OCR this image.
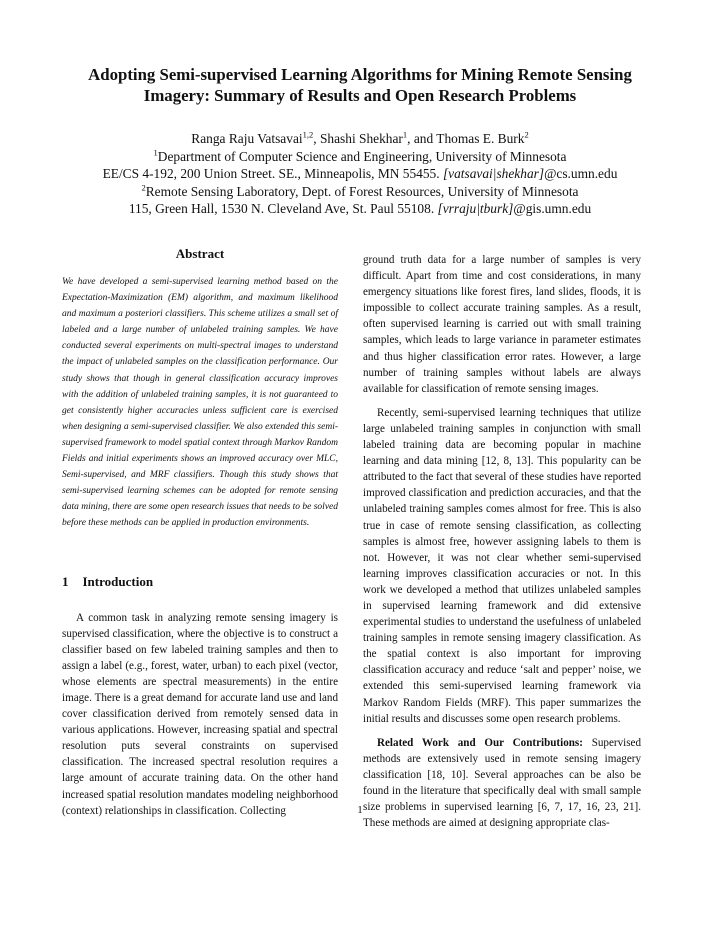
Adopting Semi-supervised Learning Algorithms for Mining Remote Sensing
Imagery: Summary of Results and Open Research Problems
Ranga Raju Vatsavai$^{1,2}$, Shashi Shekhar$^1$, and Thomas E. Burk$^2$
$^1$Department of Computer Science and Engineering, University of Minnesota
EE/CS 4-192, 200 Union Street. SE., Minneapolis, MN 55455. [vatsavai|shekhar]@cs.umn.edu
$^2$Remote Sensing Laboratory, Dept. of Forest Resources, University of Minnesota
115, Green Hall, 1530 N. Cleveland Ave, St. Paul 55108. [vrraju|tburk]@gis.umn.edu
Abstract

We have developed a semi-supervised learning method based on the Expectation-Maximization (EM) algorithm, and maximum likelihood and maximum a posteriori classifiers. This scheme utilizes a small set of labeled and a large number of unlabeled training samples. We have conducted several experiments on multi-spectral images to understand the impact of unlabeled samples on the classification performance. Our study shows that though in general classification accuracy improves with the addition of unlabeled training samples, it is not guaranteed to get consistently higher accuracies unless sufficient care is exercised when designing a semi-supervised classifier. We also extended this semi-supervised framework to model spatial context through Markov Random Fields and initial experiments shows an improved accuracy over MLC, Semi-supervised, and MRF classifiers. Though this study shows that semi-supervised learning schemes can be adopted for remote sensing data mining, there are some open research issues that needs to be solved before these methods can be applied in production environments.

1 Introduction

A common task in analyzing remote sensing imagery is supervised classification, where the objective is to construct a classifier based on few labeled training samples and then to assign a label (e.g., forest, water, urban) to each pixel (vector, whose elements are spectral measurements) in the entire image. There is a great demand for accurate land use and land cover classification derived from remotely sensed data in various applications. However, increasing spatial and spectral resolution puts several constraints on supervised classification. The increased spectral resolution requires a large amount of accurate training data. On the other hand increased spatial resolution mandates modeling neighborhood (context) relationships in classification. Collecting

ground truth data for a large number of samples is very difficult. Apart from time and cost considerations, in many emergency situations like forest fires, land slides, floods, it is impossible to collect accurate training samples. As a result, often supervised learning is carried out with small training samples, which leads to large variance in parameter estimates and thus higher classification error rates. However, a large number of training samples without labels are always available for classification of remote sensing images.

Recently, semi-supervised learning techniques that utilize large unlabeled training samples in conjunction with small labeled training data are becoming popular in machine learning and data mining [12, 8, 13]. This popularity can be attributed to the fact that several of these studies have reported improved classification and prediction accuracies, and that the unlabeled training samples comes almost for free. This is also true in case of remote sensing classification, as collecting samples is almost free, however assigning labels to them is not. However, it was not clear whether semi-supervised learning improves classification accuracies or not. In this work we developed a method that utilizes unlabeled samples in supervised learning framework and did extensive experimental studies to understand the usefulness of unlabeled training samples in remote sensing imagery classification. As the spatial context is also important for improving classification accuracy and reduce ‘salt and pepper’ noise, we extended this semi-supervised learning framework via Markov Random Fields (MRF). This paper summarizes the initial results and discusses some open research problems.

Related Work and Our Contributions: Supervised methods are extensively used in remote sensing imagery classification [18, 10]. Several approaches can be also be found in the literature that specifically deal with small sample size problems in supervised learning [6, 7, 17, 16, 23, 21]. These methods are aimed at designing appropriate clas-

1
